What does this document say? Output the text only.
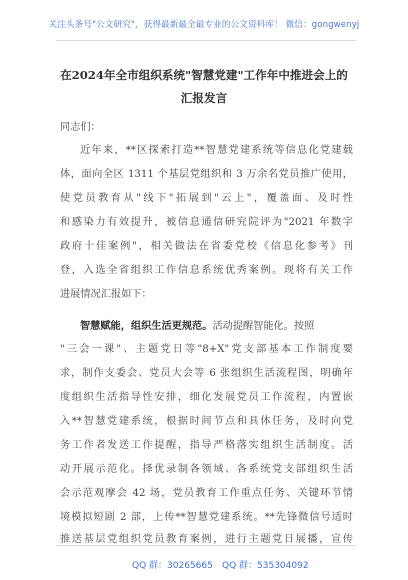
关注头条号"公文研究"，获得最新最全最专业的公文资料库！ 微信：gongwenyj
在2024年全市组织系统"智慧党建"工作年中推进会上的
汇报发言
同志们：
近年来，**区探索打造**智慧党建系统等信息化党建载
体，面向全区 1311 个基层党组织和 3 万余名党员推广使用，
使党员教育从"线下"拓展到"云上"，覆盖面、及时性
和感染力有效提升，被信息通信研究院评为"2021 年数字
政府十佳案例"，相关做法在省委党校《信息化参考》刊
登，入选全省组织工作信息系统优秀案例。现将有关工作
进展情况汇报如下：
智慧赋能，组织生活更规范。活动提醒智能化。按照
"三会一课"、主题党日等"8+X"党支部基本工作制度要
求，制作支委会、党员大会等 6 张组织生活流程图，明确年
度组织生活指导性安排，细化发展党员工作流程，内置嵌
入**智慧党建系统，根据时间节点和具体任务，及时向党
务工作者发送工作提醒，指导严格落实组织生活制度。活
动开展示范化。择优录制各领域、各系统党支部组织生活
会示范观摩会 42 场，党员教育工作重点任务、关键环节情
境模拟短剧 2 部，上传**智慧党建系统。**先锋微信号适时
推送基层党组织党员教育案例，进行主题党日展播，宣传
QQ 群：30265665 QQ 群：535304092
